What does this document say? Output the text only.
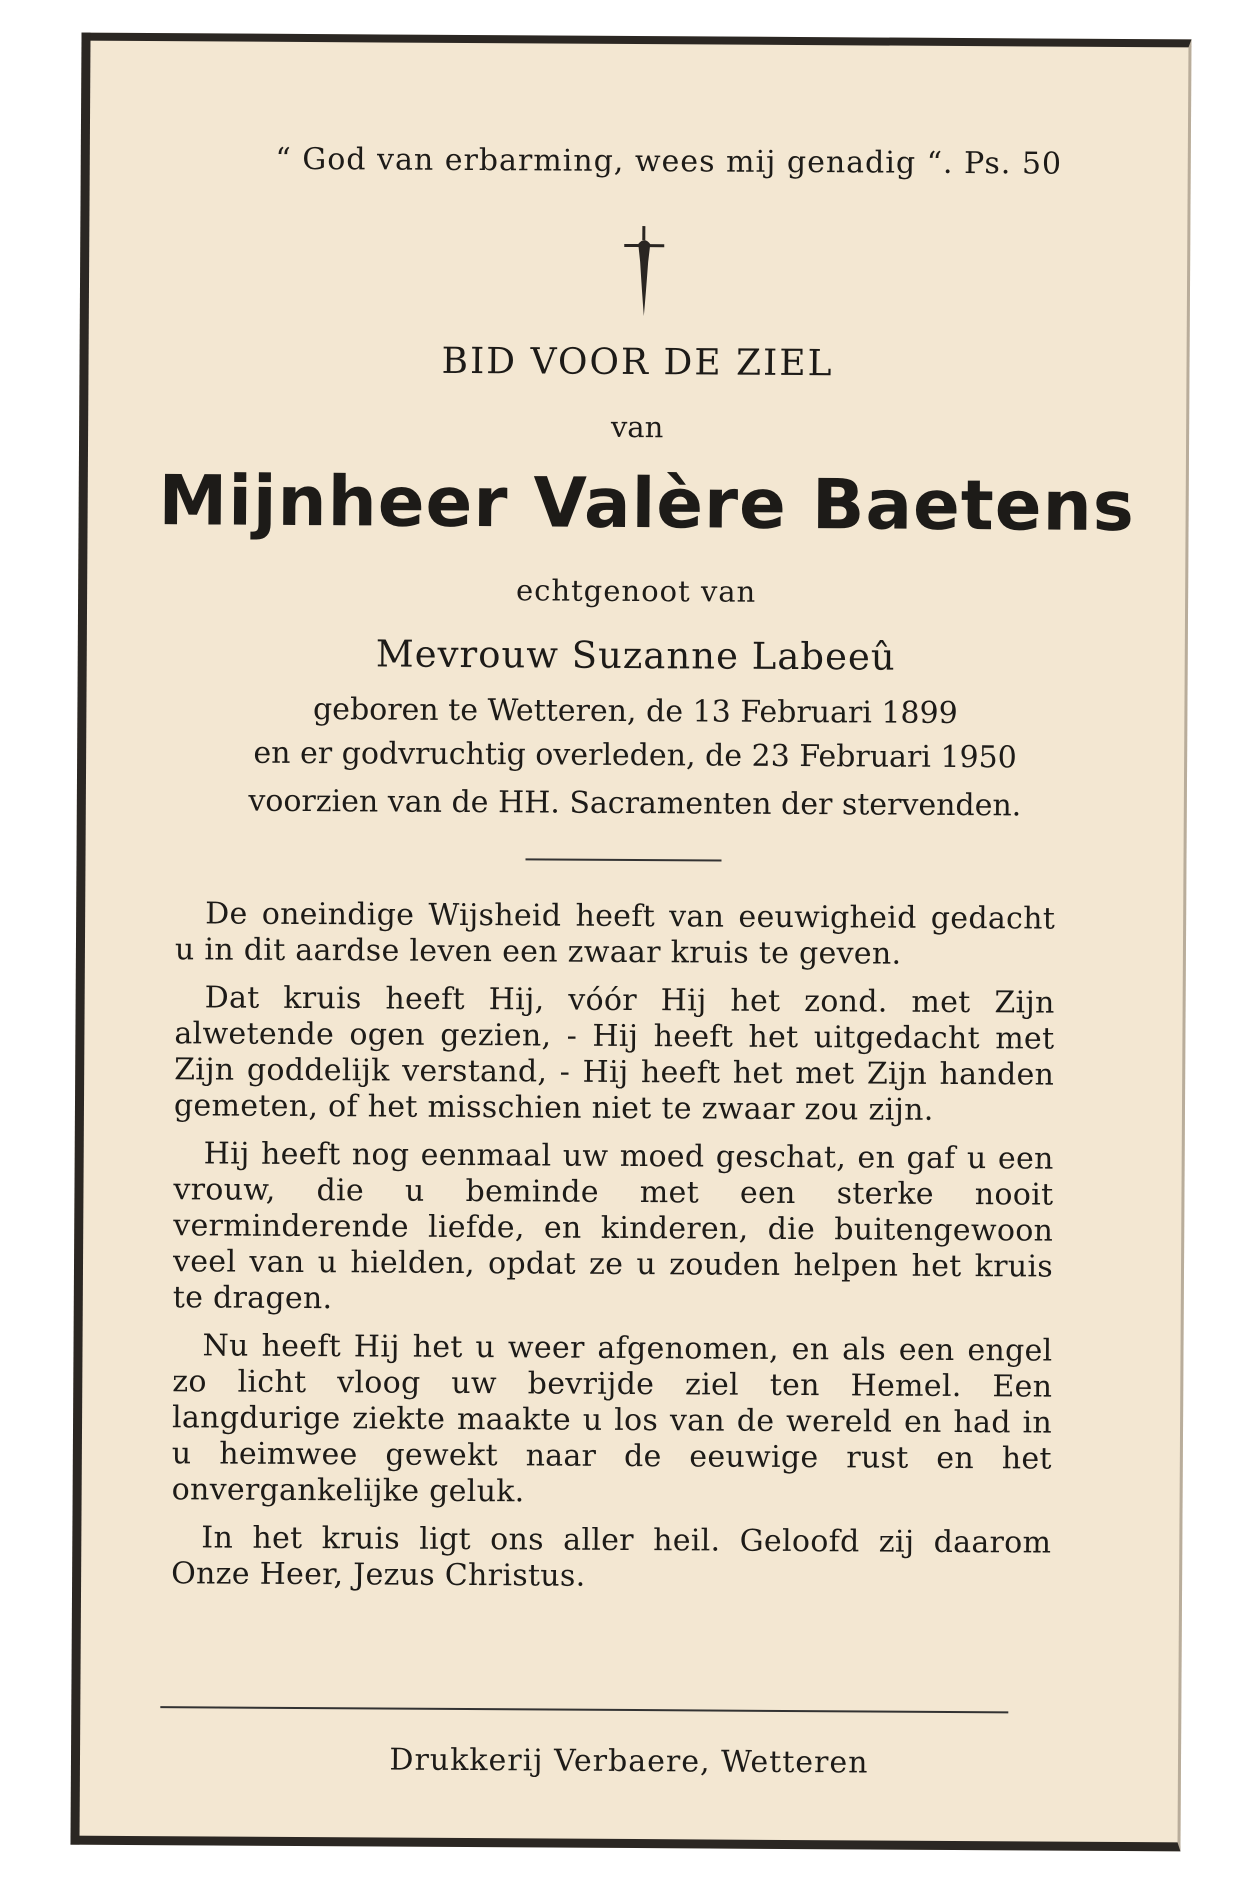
“ God van erbarming, wees mij genadig “. Ps. 50
BID VOOR DE ZIEL
van
Mijnheer Valère Baetens
echtgenoot van
Mevrouw Suzanne Labeeû
geboren te Wetteren, de 13 Februari 1899
en er godvruchtig overleden, de 23 Februari 1950
voorzien van de HH. Sacramenten der stervenden.

De oneindige Wijsheid heeft van eeuwigheid gedacht u in dit aardse leven een zwaar kruis te geven.

Dat kruis heeft Hij, vóór Hij het zond. met Zijn alwetende ogen gezien, - Hij heeft het uitgedacht met Zijn goddelijk verstand, - Hij heeft het met Zijn handen gemeten, of het misschien niet te zwaar zou zijn.

Hij heeft nog eenmaal uw moed geschat, en gaf u een vrouw, die u beminde met een sterke nooit verminderende liefde, en kinderen, die buitengewoon veel van u hielden, opdat ze u zouden helpen het kruis te dragen.

Nu heeft Hij het u weer afgenomen, en als een engel zo licht vloog uw bevrijde ziel ten Hemel. Een langdurige ziekte maakte u los van de wereld en had in u heimwee gewekt naar de eeuwige rust en het onvergankelijke geluk.

In het kruis ligt ons aller heil. Geloofd zij daarom Onze Heer, Jezus Christus.

Drukkerij Verbaere, Wetteren
